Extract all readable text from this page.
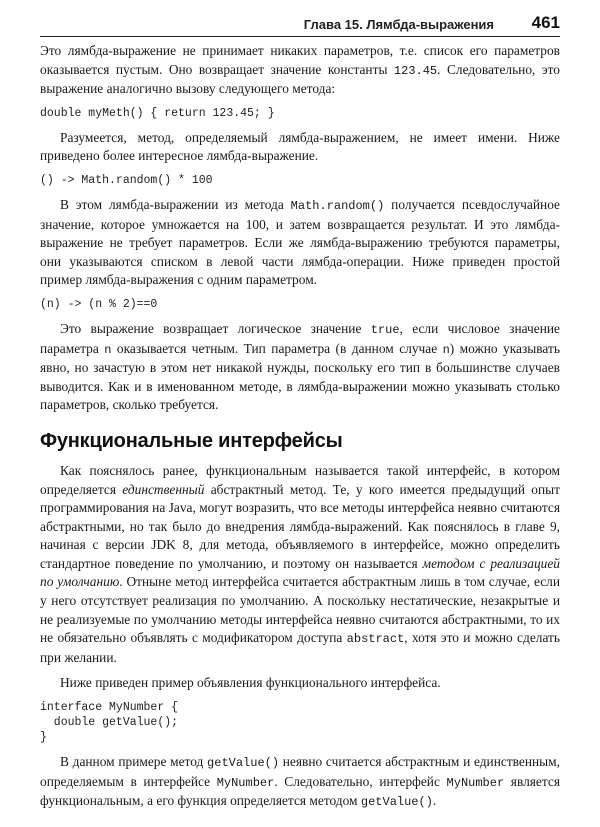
Глава 15. Лямбда-выражения 461

Это лямбда-выражение не принимает никаких параметров, т.е. список его параметров оказывается пустым. Оно возвращает значение константы 123.45. Следовательно, это выражение аналогично вызову следующего метода:

double myMeth() { return 123.45; }

Разумеется, метод, определяемый лямбда-выражением, не имеет имени. Ниже приведено более интересное лямбда-выражение.

() -> Math.random() * 100

В этом лямбда-выражении из метода Math.random() получается псевдослучайное значение, которое умножается на 100, и затем возвращается результат. И это лямбда-выражение не требует параметров. Если же лямбда-выражению требуются параметры, они указываются списком в левой части лямбда-операции. Ниже приведен простой пример лямбда-выражения с одним параметром.

(n) -> (n % 2)==0

Это выражение возвращает логическое значение true, если числовое значение параметра n оказывается четным. Тип параметра (в данном случае n) можно указывать явно, но зачастую в этом нет никакой нужды, поскольку его тип в большинстве случаев выводится. Как и в именованном методе, в лямбда-выражении можно указывать столько параметров, сколько требуется.

Функциональные интерфейсы

Как пояснялось ранее, функциональным называется такой интерфейс, в котором определяется единственный абстрактный метод. Те, у кого имеется предыдущий опыт программирования на Java, могут возразить, что все методы интерфейса неявно считаются абстрактными, но так было до внедрения лямбда-выражений. Как пояснялось в главе 9, начиная с версии JDK 8, для метода, объявляемого в интерфейсе, можно определить стандартное поведение по умолчанию, и поэтому он называется методом с реализацией по умолчанию. Отныне метод интерфейса считается абстрактным лишь в том случае, если у него отсутствует реализация по умолчанию. А поскольку нестатические, незакрытые и не реализуемые по умолчанию методы интерфейса неявно считаются абстрактными, то их не обязательно объявлять с модификатором доступа abstract, хотя это и можно сделать при желании.

Ниже приведен пример объявления функционального интерфейса.

interface MyNumber {
double getValue();
}

В данном примере метод getValue() неявно считается абстрактным и единственным, определяемым в интерфейсе MyNumber. Следовательно, интерфейс MyNumber является функциональным, а его функция определяется методом getValue().
